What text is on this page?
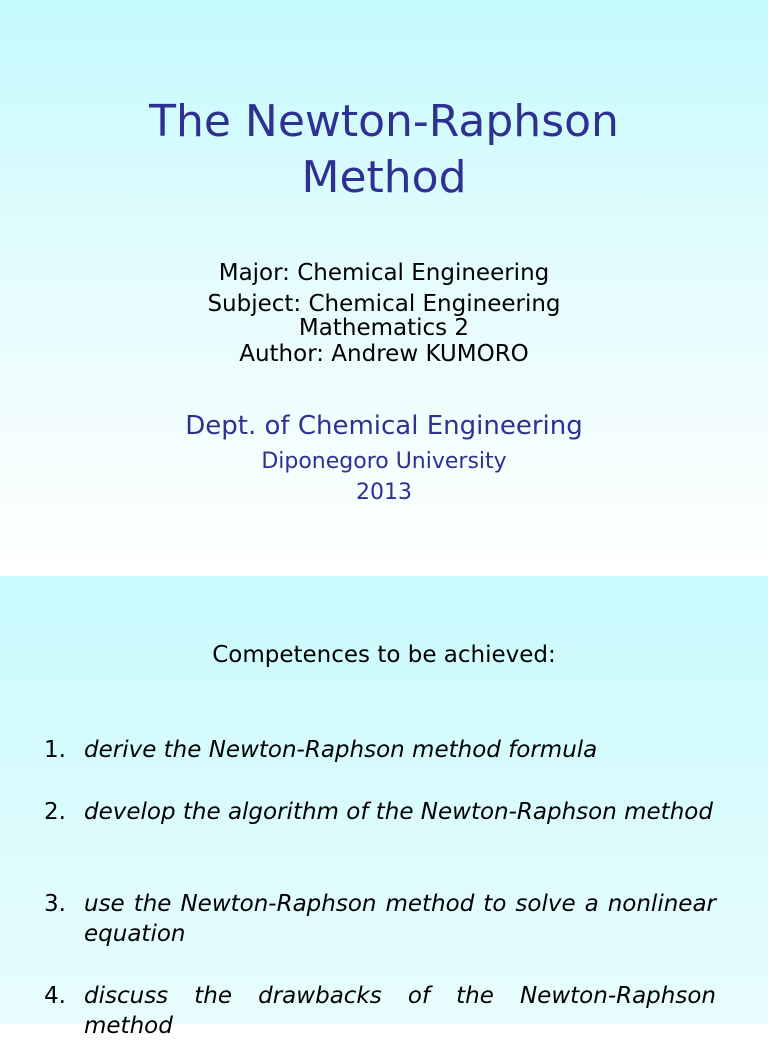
The Newton-Raphson
Method
Major: Chemical Engineering
Subject: Chemical Engineering
Mathematics 2
Author: Andrew KUMORO
Dept. of Chemical Engineering
Diponegoro University
2013
Competences to be achieved:
1. derive the Newton-Raphson method formula
2. develop the algorithm of the Newton-Raphson method
3. use the Newton-Raphson method to solve a nonlinear equation
4. discuss the drawbacks of the Newton-Raphson method
